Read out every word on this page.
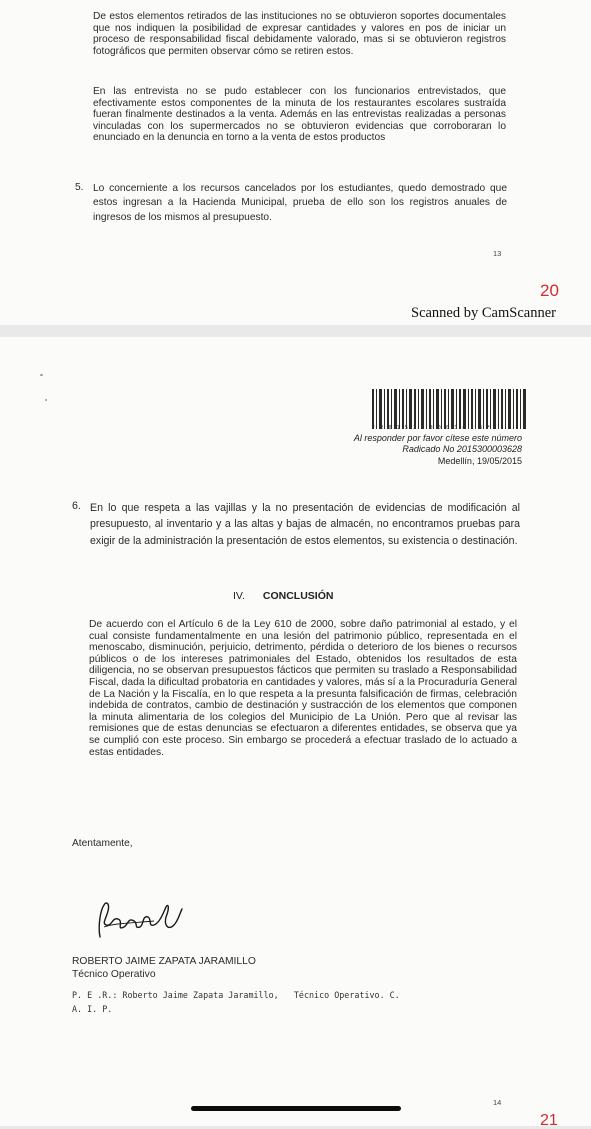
De estos elementos retirados de las instituciones no se obtuvieron soportes documentales que nos indiquen la posibilidad de expresar cantidades y valores en pos de iniciar un proceso de responsabilidad fiscal debidamente valorado, mas si se obtuvieron registros fotográficos que permiten observar cómo se retiren estos.

En las entrevista no se pudo establecer con los funcionarios entrevistados, que efectivamente estos componentes de la minuta de los restaurantes escolares sustraída fueran finalmente destinados a la venta. Además en las entrevistas realizadas a personas vinculadas con los supermercados no se obtuvieron evidencias que corroboraran lo enunciado en la denuncia en torno a la venta de estos productos

5. Lo concerniente a los recursos cancelados por los estudiantes, quedo demostrado que estos ingresan a la Hacienda Municipal, prueba de ello son los registros anuales de ingresos de los mismos al presupuesto.

13
20
Scanned by CamScanner
* 2 0 1 5 3 0 0 0 0 3 6 2 8 *
Al responder por favor cítese este número
Radicado No 2015300003628
Medellín, 19/05/2015
6. En lo que respeta a las vajillas y la no presentación de evidencias de modificación al presupuesto, al inventario y a las altas y bajas de almacén, no encontramos pruebas para exigir de la administración la presentación de estos elementos, su existencia o destinación.

IV. CONCLUSIÓN

De acuerdo con el Artículo 6 de la Ley 610 de 2000, sobre daño patrimonial al estado, y el cual consiste fundamentalmente en una lesión del patrimonio público, representada en el menoscabo, disminución, perjuicio, detrimento, pérdida o deterioro de los bienes o recursos públicos o de los intereses patrimoniales del Estado, obtenidos los resultados de esta diligencia, no se observan presupuestos fácticos que permiten su traslado a Responsabilidad Fiscal, dada la dificultad probatoria en cantidades y valores, más sí a la Procuraduría General de La Nación y la Fiscalía, en lo que respeta a la presunta falsificación de firmas, celebración indebida de contratos, cambio de destinación y sustracción de los elementos que componen la minuta alimentaria de los colegios del Municipio de La Unión. Pero que al revisar las remisiones que de estas denuncias se efectuaron a diferentes entidades, se observa que ya se cumplió con este proceso. Sin embargo se procederá a efectuar traslado de lo actuado a estas entidades.

Atentamente,
ROBERTO JAIME ZAPATA JARAMILLO
Técnico Operativo
P. E .R.: Roberto Jaime Zapata Jaramillo,   Técnico Operativo. C.
A. I. P.
14
21
